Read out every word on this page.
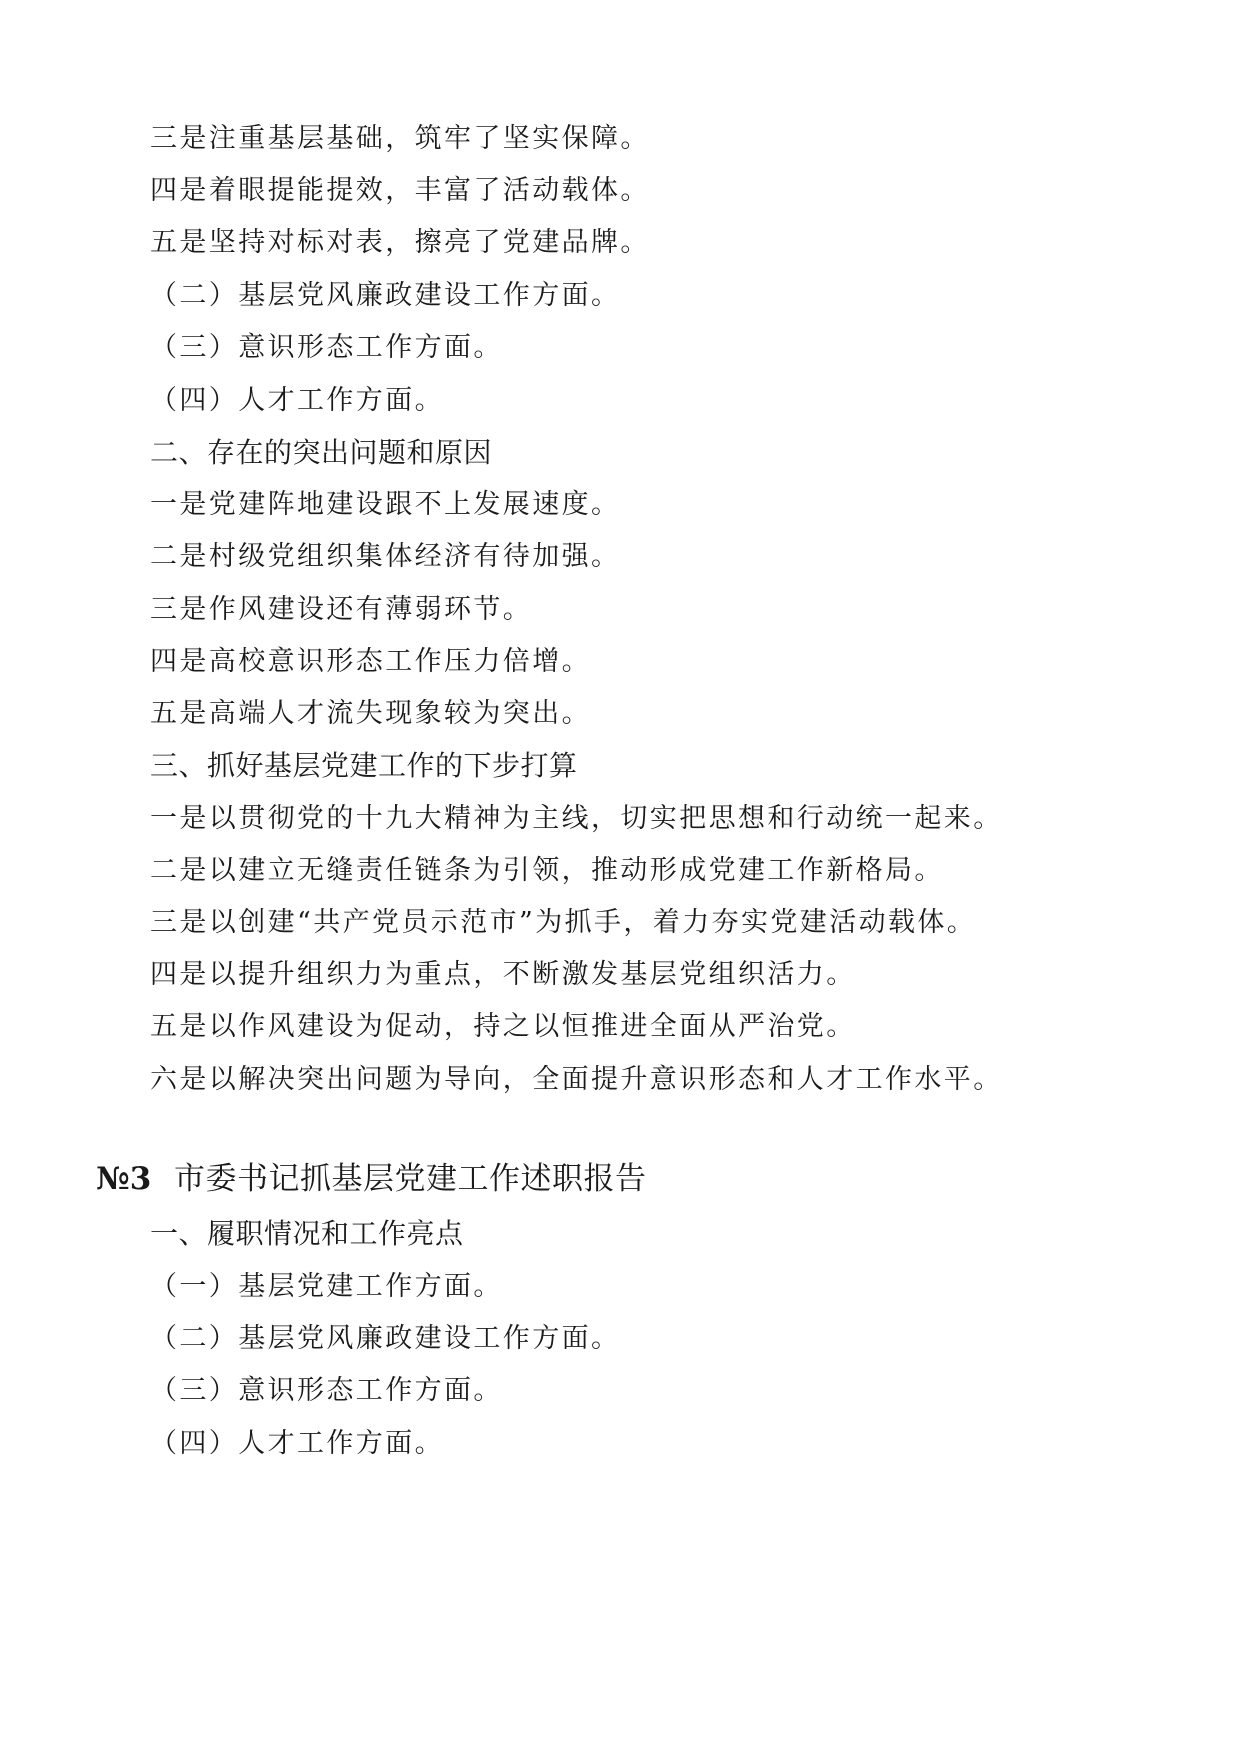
三是注重基层基础，筑牢了坚实保障。
四是着眼提能提效，丰富了活动载体。
五是坚持对标对表，擦亮了党建品牌。
（二）基层党风廉政建设工作方面。
（三）意识形态工作方面。
（四）人才工作方面。
二、存在的突出问题和原因
一是党建阵地建设跟不上发展速度。
二是村级党组织集体经济有待加强。
三是作风建设还有薄弱环节。
四是高校意识形态工作压力倍增。
五是高端人才流失现象较为突出。
三、抓好基层党建工作的下步打算
一是以贯彻党的十九大精神为主线，切实把思想和行动统一起来。
二是以建立无缝责任链条为引领，推动形成党建工作新格局。
三是以创建“共产党员示范市”为抓手，着力夯实党建活动载体。
四是以提升组织力为重点，不断激发基层党组织活力。
五是以作风建设为促动，持之以恒推进全面从严治党。
六是以解决突出问题为导向，全面提升意识形态和人才工作水平。
№3 市委书记抓基层党建工作述职报告
一、履职情况和工作亮点
（一）基层党建工作方面。
（二）基层党风廉政建设工作方面。
（三）意识形态工作方面。
（四）人才工作方面。
